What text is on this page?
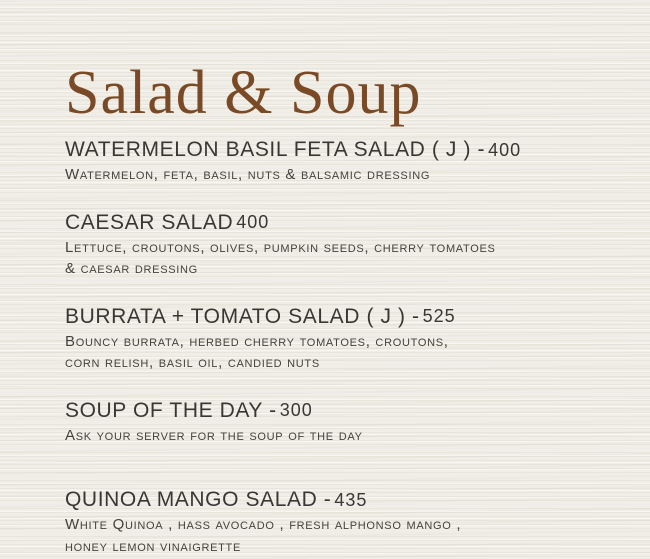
Salad & Soup
WATERMELON BASIL FETA SALAD ( J ) - 400
Watermelon, feta, basil, nuts & balsamic dressing
CAESAR SALAD 400
Lettuce, croutons, olives, pumpkin seeds, cherry tomatoes
& caesar dressing
BURRATA + TOMATO SALAD ( J ) - 525
Bouncy burrata, herbed cherry tomatoes, croutons,
corn relish, basil oil, candied nuts
SOUP OF THE DAY - 300
Ask your server for the soup of the day
QUINOA MANGO SALAD - 435
White Quinoa , hass avocado , fresh alphonso mango ,
honey lemon vinaigrette
